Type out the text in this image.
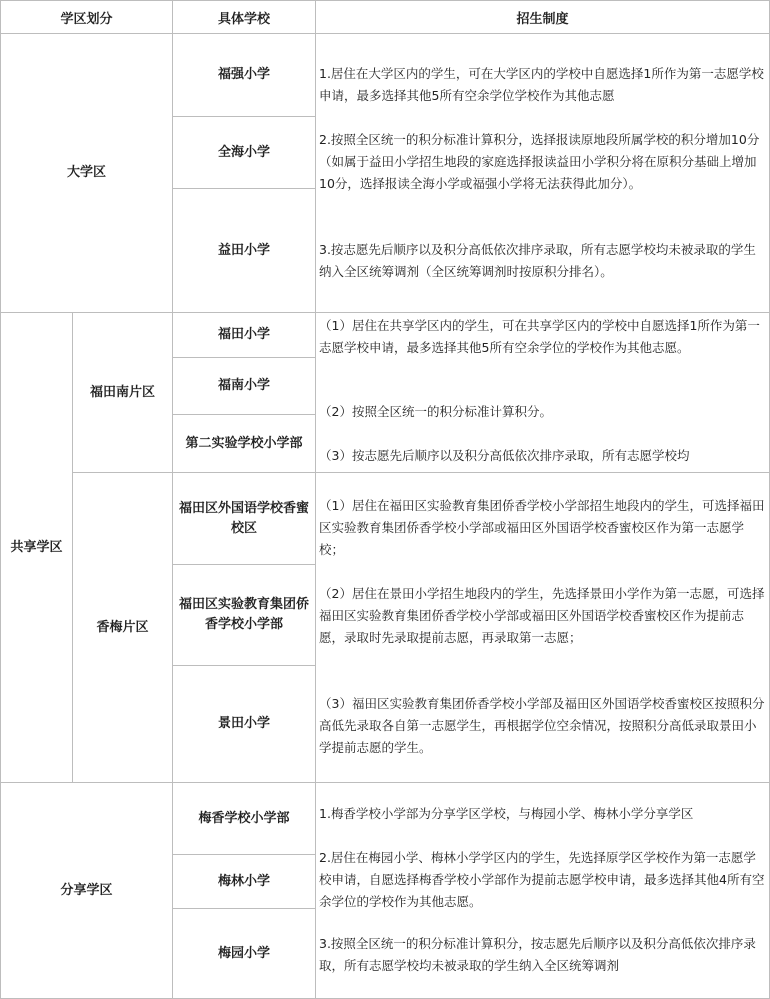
学区划分	具体学校	招生制度
大学区
福强小学
全海小学
益田小学
1.居住在大学区内的学生，可在大学区内的学校中自愿选择1所作为第一志愿学校申请，最多选择其他5所有空余学位学校作为其他志愿
2.按照全区统一的积分标准计算积分，选择报读原地段所属学校的积分增加10分（如属于益田小学招生地段的家庭选择报读益田小学积分将在原积分基础上增加10分，选择报读全海小学或福强小学将无法获得此加分）。
3.按志愿先后顺序以及积分高低依次排序录取，所有志愿学校均未被录取的学生纳入全区统筹调剂（全区统筹调剂时按原积分排名）。
共享学区
福田南片区
福田小学
福南小学
第二实验学校小学部
（1）居住在共享学区内的学生，可在共享学区内的学校中自愿选择1所作为第一志愿学校申请，最多选择其他5所有空余学位的学校作为其他志愿。
（2）按照全区统一的积分标准计算积分。
（3）按志愿先后顺序以及积分高低依次排序录取，所有志愿学校均
香梅片区
福田区外国语学校香蜜校区
福田区实验教育集团侨香学校小学部
景田小学
（1）居住在福田区实验教育集团侨香学校小学部招生地段内的学生，可选择福田区实验教育集团侨香学校小学部或福田区外国语学校香蜜校区作为第一志愿学校；
（2）居住在景田小学招生地段内的学生，先选择景田小学作为第一志愿，可选择福田区实验教育集团侨香学校小学部或福田区外国语学校香蜜校区作为提前志愿，录取时先录取提前志愿，再录取第一志愿；
（3）福田区实验教育集团侨香学校小学部及福田区外国语学校香蜜校区按照积分高低先录取各自第一志愿学生，再根据学位空余情况，按照积分高低录取景田小学提前志愿的学生。
分享学区
梅香学校小学部
梅林小学
梅园小学
1.梅香学校小学部为分享学区学校，与梅园小学、梅林小学分享学区
2.居住在梅园小学、梅林小学学区内的学生，先选择原学区学校作为第一志愿学校申请，自愿选择梅香学校小学部作为提前志愿学校申请，最多选择其他4所有空余学位的学校作为其他志愿。
3.按照全区统一的积分标准计算积分，按志愿先后顺序以及积分高低依次排序录取，所有志愿学校均未被录取的学生纳入全区统筹调剂
